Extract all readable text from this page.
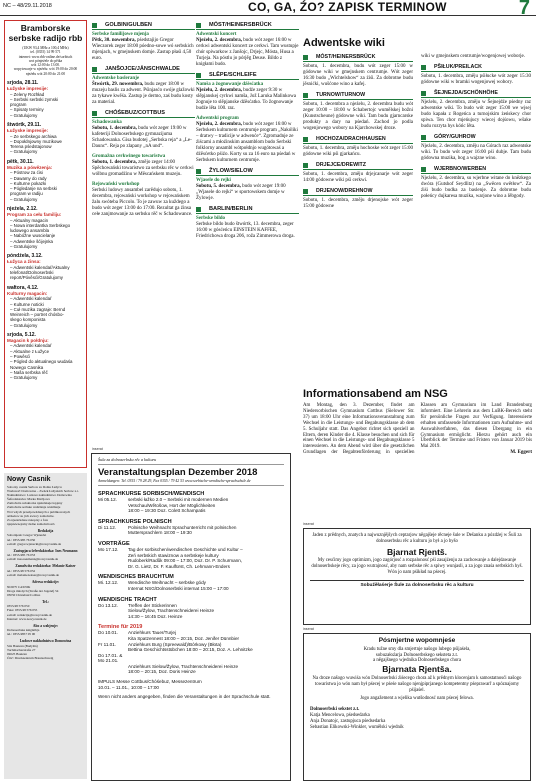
NC – 48/29.11.2018	CO, GA, ŹO? ZAPISK TERMINOW	7
Bramborske serbske radijo rbb
(UKW 93,4 MHz a 100,4 MHz)
tel. (0355) 14 99 571
internet: www.rbb-online.de/sorbisch
wot pónjeźele do pětka
wót 12:00 do 13:00.
wopytowarje w njeźelu: wót 19:00 do 20:00
njeźelu wót 20:00 do 21:00
srjoda, 28.11.
Łužyske impresije:
– Zeleny Rozhład
– Serbski serbski zymski
program
– Spisaty terminy
– Gratulujomy
štwórtk, 29.11.
Łužyske impresije:
– Ze serbskego archiwa
– Dopołdnjowny muzikowe
Terena pśedstajonow
– Gratulujomy
pětk, 30.11.
Muzika a pówězenja:
– Póstrow za ćisi
– Dawamy do rady
– Kulturne pokazki
– Pógledanje na serbski
program w radiju
– Gratulujomy
njeźela, 2.12.
Program za cełu familiju:
– Aktualny magacin
– Nowa interdantka Serbskego
ludowego ansambla
– Nabóžne wuscielanje
– Adwentske šćijejnka
– Gratulujomy
póndźela, 3.12.
Łužyca a źinsa:
– Adwentski kalendaŕ/Aktualny
telefonat/Dolnoserbski
report/Póvěsći/Gratulujomy
wałtora, 4.12.
Kulturny magacin:
– Adwentski kalendaŕ
– Kulturne noticki
– Cuł muzika zagraje: Bernd
Weinreich – portret chósbo-
skego komponista
– Gratulujomy
srjoda, 5.12.
Magacin k połdnju:
– Adwentski kalendaŕ
– Aktualne z Łužyce
– Powěsći
– Pógled do aktualnego wudaśa
Nowego Casnika
– Naša serbska rěč
– Gratulujomy
Nowy Casnik
Sobotny casnik Serbow za Dolnu Łužycu
Wudawaŕ: Domowina – Zwězk Łužyskich Serbow z.t.
Nakładnistwo: Ludowe nakładnistwo Domowina
Šefredaktorka: Marka Maćijowa
Zamołwita redaktorka njeźelskeje łopjeny
Zamołwite serbske wuźělanje wuźěłanje
Wót wšych przedpowědanych a publikowanych
artikelow su jich awtory zamołwite.
Za njezažadane rukopisy a fota
njepśewzejomy žedne zamołwitosći.
Redakcija
Sobotnjesk: Gregor Wjenecki
tel.: 0355/485 76 050
e-mail: gregor.wjenecki@nowycasnik.de
Zastupjaca šefredaktorka: Ines Neumann
tel.: 0355/485 76 053
e-mail: ines.neumann@nowycasnik.de
Zamołwita redaktorka: Melanie Kaiser
tel.: 0355/48 576 052
e-mail: melanie.kaiser@nowycasnik.de
Adresa redakcije:
NOWY CASNIK
Droga młodych (Straße der Jugend) 54
03050 Chóśebuz/Cottbus
Tel.:
0355/48 576 050
Faks: 0355/48 576 055
e-mail: redakcija@nowycasnik.de
Internet: www.nowycasnik.de
Abo a wabjenje:
Dolnoserbska knigłaŕnja
tel.: 0355/4857 05 00
Ludowe nakładnistwo Domowina
Sitz Bautzen (Budyšin)
Tuchmacherstraße 27
02625 Bautzen
Ćišć: Druckzentrum Braunschweig
GOLBIN/GULBEN
Serbske familijowe mjenja
Pětk, 30. nowembra, pśedstajijo Gregor Wieczorek zeger 18:00 póedno-sowe wó serbskich mjenjach, w gmejnskem domje. Zastup płaśi 4,50 euro.
JANŠOJCE/JÄNSCHWALDE
Adwentske basleranje
Štwórtk, 29. nowembra, budu zeger 18:00 w muzeju baslis za adwent. Pśinjasćo swóje glažowki za tykawe kwěśa. Zastup je dermo, zaś budu kosty za material.
CHÓŚEBUZ/COTTBUS
Schadowanka
Sobotu, 1. decembra, budu wót zeger 19:00 w kafeteriji Dolnoserbskego gymnazijuma Schadowanka. Gisa budotej „Serbska reja“ a „Le-Daunc“. Reja po zlapany „nA und“.
Gromažna cerkwinego towaristwa
Sobotu, 1. decembra, změjo zeger 14:00 Spěchowański towaristwo za serbsku rěc w cerkwi wólbnu gromadźinu w Měscańskem muzeju.
Rejowański workshop
Serbski ludowy ansambel zarědujo sobotu, 1. decembra, rejowański workshop w rejowańskem žalu swóteba Piccolo. To je zawuw za kuždego a budo wót zeger 13:00 do 17:00. Rezultat ga źinsa cełe zanjmowanje za serbsku rěč w Schadowance.
MÓST/HEINERSBRÜCK
Adwentski koncert
Njeźelu, 2. decembra, budo wót zeger 16:00 w cerkwi adwentski koncert ze cerkwi. Tam wustupje chór spiwarkow z Janšojc, Drjejc, Mósta, Husa a Turjeja. Na póstlu jo pórjěg Deuse. Bildo z knigłami budo.
SLĚPE/SCHLEIFE
Namša a żognowanje dźěsćatka
Njeźelu, 2. decembra, budźe zeger 9:30 w slěpjanskej cyrkwi namša, Jož Laruka Malinkowa žognuje to slěpjanske dźěsćatko. To žognowanje budźe lěta 100. raz.
Adwentski program
Njeźelu, 2. decembra, budo wót zeger 16:00 w Serbskem kulturnem centrumje program „Nakóliki – dratwy – tradicije w adwenće“. Zgromadnje ze źiścami a młoźinskim ansamblom budo Serbski folklorny ansambl wótpołdnjo wugótowaś a dźěsćetko pśiźo. Korty su za 16 euro na pśedań w Serbskem kulturnem centrumje.
ŽYLOW/SIELOW
Wjasele do rejki
Sobotu, 5. decembra, budo wót zeger 19:00 „Wjasele do rejki“ w sportowskem domje w Žylowje.
BARLIN/BERLIN
Serbske bildo
Serbske bildo budo štwórtk, 13. decembra, zeger 16:00 w gósćeńcu EINSTEIN KAFFEE, Friedrichowa droga 206, roža Zimmerowa droga.
Adwentske wiki
MÓST/HEINERSBRÜCK

Sobotu, 1. decembra, budu wót zeger 15:00 w gódowne wiki w gmejnskem centrumje. Wót zeger 16:30 budo „Wichtelshow“ za źiśi. Za dobrotne budu jěsnićki, wušćone wino a kafej.

TURNOW/TURNOW

Sobotu, 1. decembra a njeźelu, 2. decembra budu wót zeger 10:00 – 18:00 w Schabertojc wumělskej božni (Kunstscheune) gódowne wiki. Tam budu gjarncarske produkty a dary na pśedań. Zachod jo podla wogenjowego wobory na Kjarchowskej droze.

HOCHOZA/DRACHHAUSEN

Sobotu, 1. decembra, změju hochoske wót zeger 15:00 gódowne wiki pśi gjarkańcu.

DRJEJCE/DREWITZ

Sobotu, 1. decembra, změju drjejcanarje wót zeger 14:00 gódowne wiki pśi cerkwi.

DRJENOW/DREHNOW

Sobotu, 1. decembra, změju drjenojske wót zeger 15:00 gódowne

wiki w gmejnskem centrumje/wogenjowej woborje.

PŠIŁUK/PREILACK

Sobotu, 1. decembra, změju pśiłucke wót zeger 15:30 gódowne wiki w bramki wogenjowej wobory.

ŠEJNEJDA/SCHÖNHÖHE

Njeźelu, 2. decembra, změju w Šejnejdźe pśedny raz adwentske wiki. To budo wót zeger 15:00 we wjsej budo kapała z Rogeńca a turnojskim żeńskecy chor spiwa. Ten chor mjeńujucy wiecej dojśowu, wšake budu rozryta hys kóńc lěta.

GÓRY/GUHROW

Njeźelu, 2. decembra, změju na Górach raz adwentske wiki. To budo wót zeger 16:00 pśi dubje. Tam budu gódowna muzika, bog a wajzne wino.

WJERBNO/WERBEN

Njeźelu, 2. decembra, su wjerbne witane do knězkego dwóra (Gutshof Seydlitz) na „Swěcen swětłow“. Za źiśi budo budka za baslenje. Za dobrotne budu połeńcy dujkaresa muzika, warjone wino a lěbgody.

Informationsabend am NSG
Am Montag, den 3. Dezember, findet am Niedersorbischen Gymnasium Cottbus (Sielower Str. 37) um 18:00 Uhr eine Informationsveranstaltung zum Wechsel in die Leistungs- und Begabungsklasse ab dem 5. Schuljahr statt. Das Angebot richtet sich speziell an Eltern, deren Kinder die 4. Klasse besuchen und sich für einen Wechsel in die Leistungs- und Begabungsklasse 5 interessieren. An dem Abend wird über die gesetzlichen Grundlagen der Begabtenförderung in speziellen Klassen am Gymnasium im Land Brandenburg informiert. Eine Lehrerin aus dem LuBK-Bereich steht für persönliche Fragen zur Verfügung. Interessierte erhalten umfassende Informationen zum Aufnahme- und Auswahlverfahren, das diesen Übergang in ein Gymnasium ermöglicht. Hierzu gehört auch ein Überblick der Termine und Fristen von Januar 2019 bis Mai 2019.
M. Eggert
inserat
inserat
inserat
Šula za dolnoserbsku rěc a kulturu
Veranstaltungsplan Dezember 2018
Anmeldungen: Tel. 0355 / 79 28 29, Fax 0355 / 79 42 53 www.sorbische-wendische-sprachschule.de
SPRACHKURSE SORBISCH/WENDISCH
Mi 05.12.	serbski łažko 2.0 – Serbski mit modernen Medien
Vetschau/Wětošow, Hort der Möglichkeiten
18:00 – 19:30 Doz. Colett Schampatis
SPRACHKURSE POLNISCH
Di 11.12.	Polnische Weihnacht Sprachunterricht mit polnischen
Muttersprachlern 18:00 – 19:30
VORTRÄGE
Mo 17.12.	Tag der sorbischen/wendischen Geschichte und Kultur –
Zeń serbskich stawiznow a serbskeje kultury
Rudoberk/Radůk 09:00 – 17:00, Doz. Dr. P. Schurmann,
Dr. G. Lietz, Dr. F. Kaulfürst, Ch. Lehmann-Enders
WENDISCHES BRAUCHTUM
Mi. 12.12.	Wendische Weihnacht – serbske gódy
Internat NSG/Dolnoserbski internat 15:00 – 17:00
WENDISCHE TRACHT
Do 13.12.	Treffen der Stickerinnen
Sielow/Žylow, Trachtenschneiderei Heinze
14:30 – 16:45 Doz. Heinze
Termine für 2019
Do 10.01.	Anziehkurs Tauer/Turjej
Kita Spatzennest 18:00 – 20:15, Doz. Jenifer Dünnbier
Fr 11.01.	Anziehkurs Burg (Spreewald)/Bórkowy (Błota)
Bettina Geschichtsstübchen 18:00 – 20:15, Doz. A. Lehnitzke
Do 17.01. & Mo 21.01.
Anziehkurs Sielow/Žylow, Trachtenschneiderei Heinze
18:00 – 20:15, Doz. Doris Heinze
IMPULS Messe Cottbus/Chóśebuz, Messezentrum
10.01. – 11.01., 10:00 – 17:00
Wenn nicht anders angegeben, finden die Veranstaltungen in der Sprachschule statt.
Jaden z prědnych, znatych a najwuznjějšych ceptarjow něgajšeje rěcneje šule w Dešanku a pózdźej w Šuli za dolnoserbsku rěc a kulturu jo był a jo byšo
Bjarnat Rjentš.
My cesćimy jogo optimizm, jogo zagórjosć a rozpalonosć pśi zasajźenju za zachowanje a dalejdawanje dolnoserbskeje rěcy, za jogo wutrajnosć, aby nam serbske rěc a spiwy wunjasli, a za jogo znaśa serbskich hyš. Wón jo nam pśikład na pśecej.
Sobuźěłaśerje Šule za dolnoserbsku rěc a kulturu
Pósmjertne wopomnjeśe
Kradu tužne smy dla smjertnje našogo lubego pśijaśela,
sobuzałoźarja Dolnoserbskego seksteta z.t.
a něgajšnego wjednika Dolnoserbskego chora
Bjarnata Rjentša.
Na droze našogo wuwiśa wón Dolnoserbski źiśecego chora až k prědnym klocenjam k samostatnosći našogo towaristwa jo wón nam był pśecej w pśeśe našogo njenjpiprjanego kompetentny pśeprawarř a spóznajomy pśijaśel.
Jogo angažement a wjelika wutšodnosć nam pśecej felowa.
Dolnoserbski sekstet z.t.
Katja Mencelowa, pśedsedarka
Anja Donatojc, zastupjuca pśedsedarka
Sebastian Elikowski-Winkler, wumělski wjednik
